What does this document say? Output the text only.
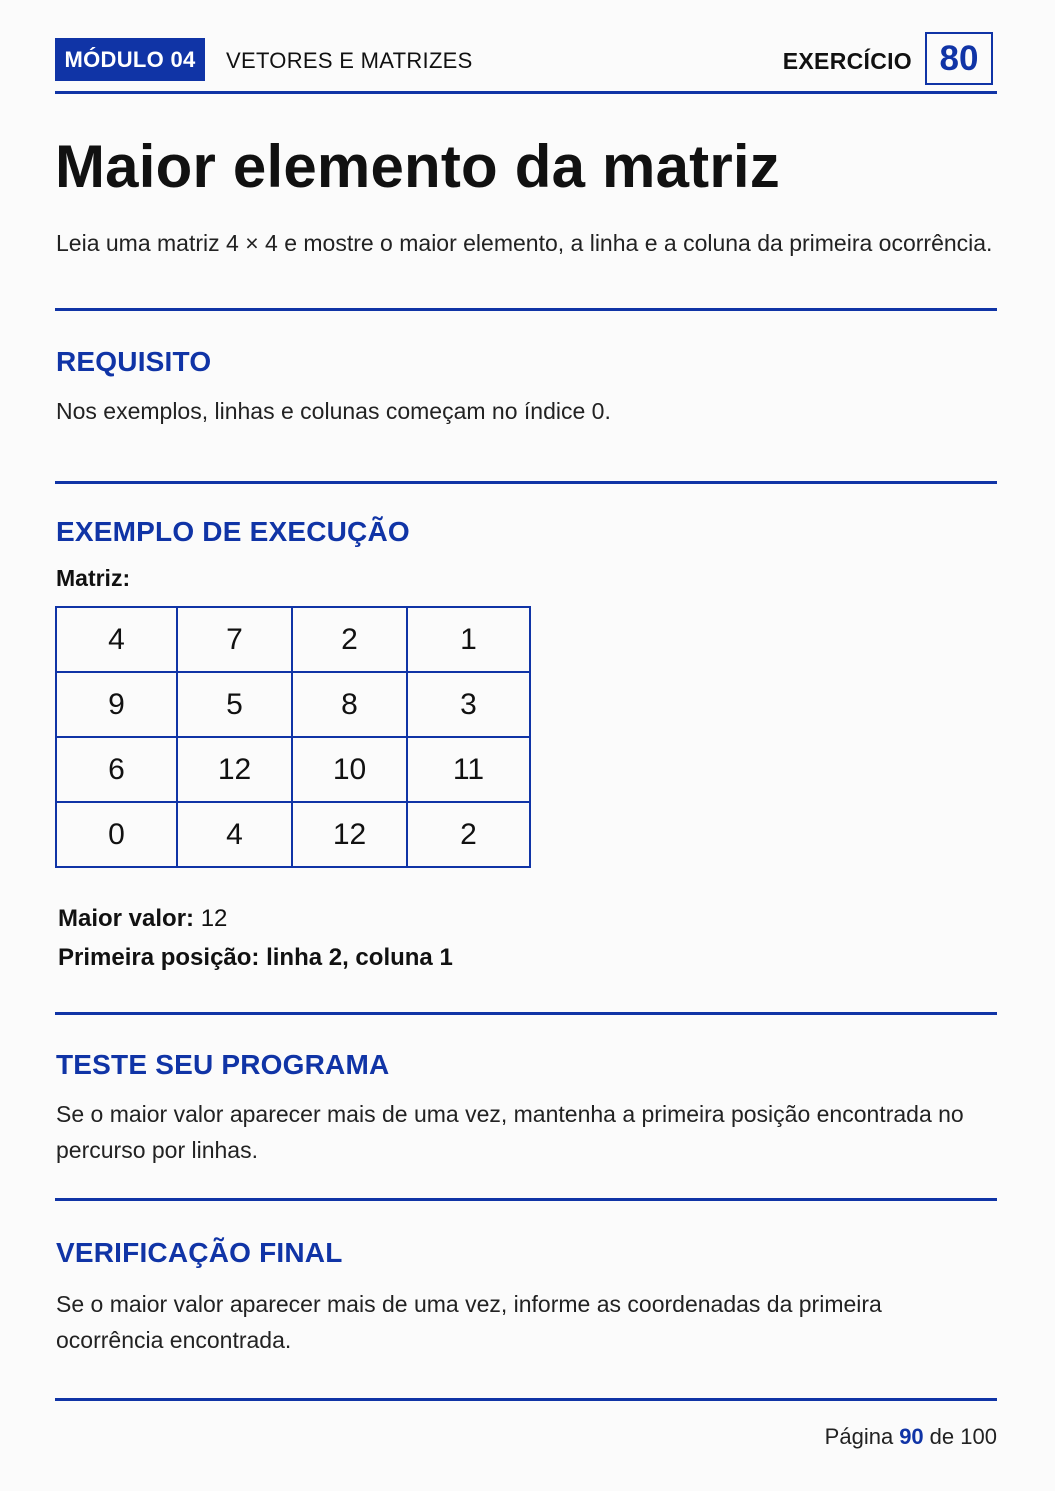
MÓDULO 04	VETORES E MATRIZES	EXERCÍCIO 80
Maior elemento da matriz
Leia uma matriz 4 × 4 e mostre o maior elemento, a linha e a coluna da primeira ocorrência.
REQUISITO
Nos exemplos, linhas e colunas começam no índice 0.
EXEMPLO DE EXECUÇÃO
Matriz:
4	7	2	1
9	5	8	3
6	12	10	11
0	4	12	2
Maior valor: 12
Primeira posição: linha 2, coluna 1
TESTE SEU PROGRAMA
Se o maior valor aparecer mais de uma vez, mantenha a primeira posição encontrada no percurso por linhas.
VERIFICAÇÃO FINAL
Se o maior valor aparecer mais de uma vez, informe as coordenadas da primeira ocorrência encontrada.
Página 90 de 100
